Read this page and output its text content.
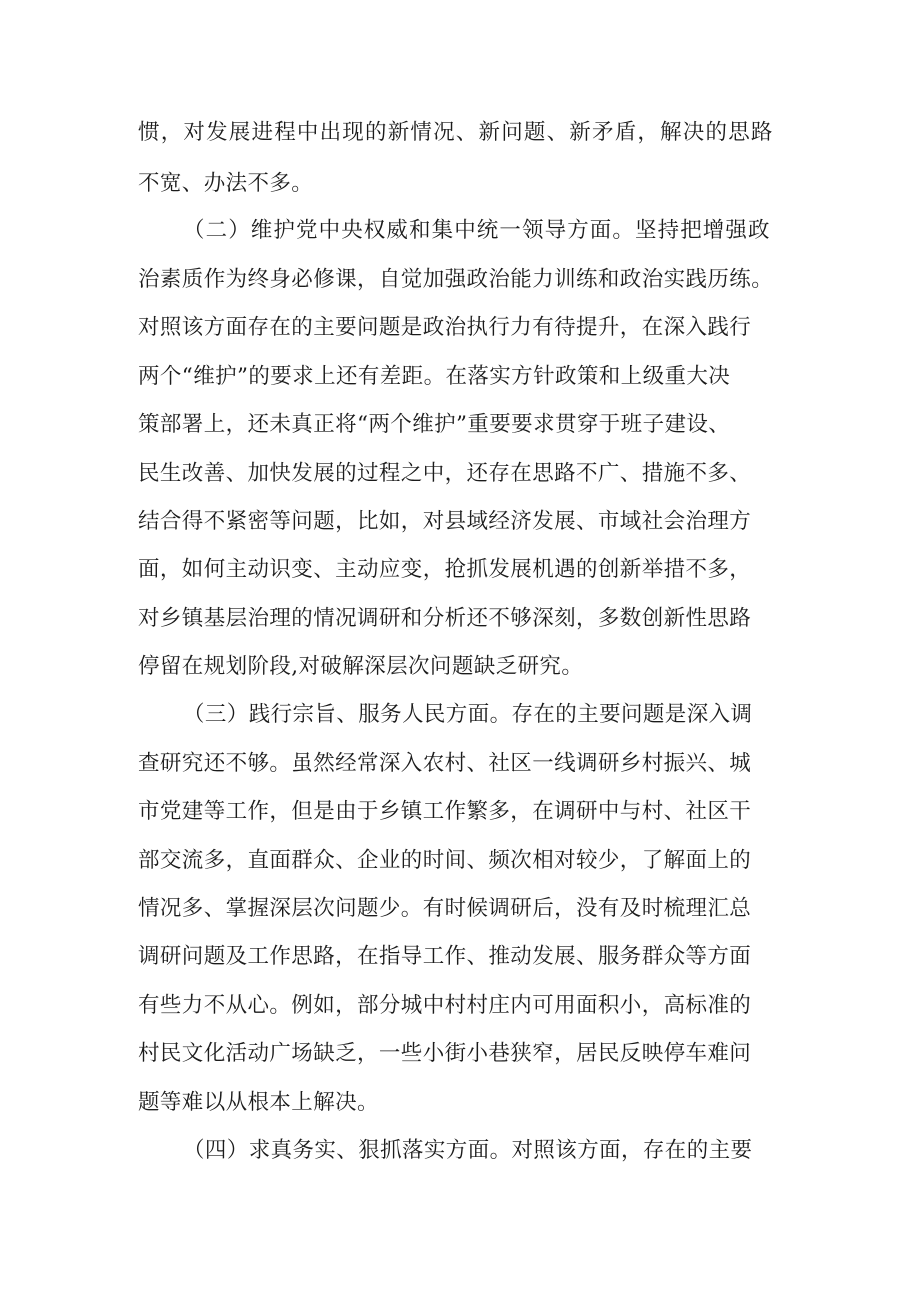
惯，对发展进程中出现的新情况、新问题、新矛盾，解决的思路
不宽、办法不多。
（二）维护党中央权威和集中统一领导方面。坚持把增强政
治素质作为终身必修课，自觉加强政治能力训练和政治实践历练。
对照该方面存在的主要问题是政治执行力有待提升，在深入践行
两个“维护”的要求上还有差距。在落实方针政策和上级重大决
策部署上，还未真正将“两个维护”重要要求贯穿于班子建设、
民生改善、加快发展的过程之中，还存在思路不广、措施不多、
结合得不紧密等问题，比如，对县域经济发展、市域社会治理方
面，如何主动识变、主动应变，抢抓发展机遇的创新举措不多，
对乡镇基层治理的情况调研和分析还不够深刻，多数创新性思路
停留在规划阶段,对破解深层次问题缺乏研究。
（三）践行宗旨、服务人民方面。存在的主要问题是深入调
查研究还不够。虽然经常深入农村、社区一线调研乡村振兴、城
市党建等工作，但是由于乡镇工作繁多，在调研中与村、社区干
部交流多，直面群众、企业的时间、频次相对较少，了解面上的
情况多、掌握深层次问题少。有时候调研后，没有及时梳理汇总
调研问题及工作思路，在指导工作、推动发展、服务群众等方面
有些力不从心。例如，部分城中村村庄内可用面积小，高标准的
村民文化活动广场缺乏，一些小街小巷狭窄，居民反映停车难问
题等难以从根本上解决。
（四）求真务实、狠抓落实方面。对照该方面，存在的主要
